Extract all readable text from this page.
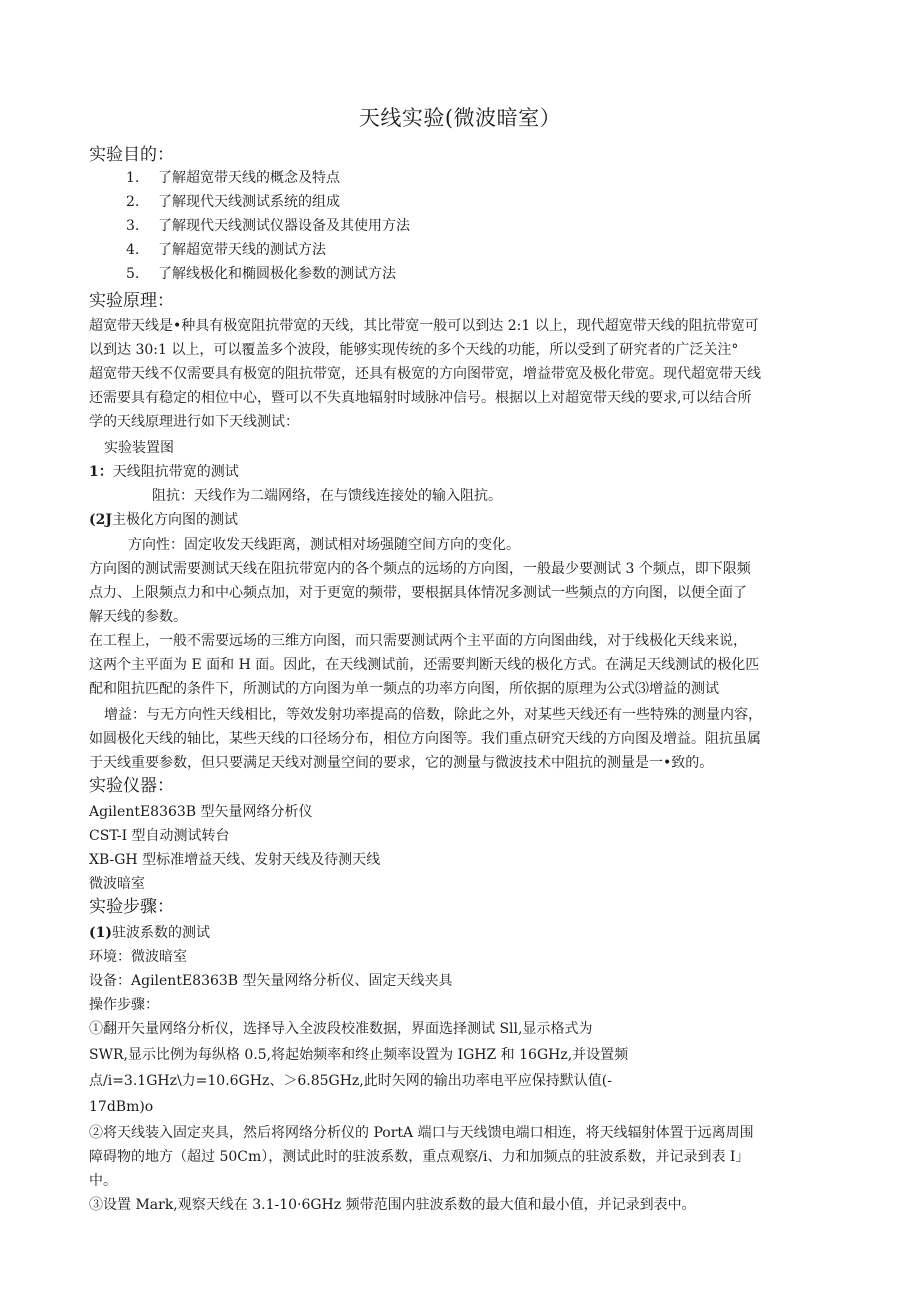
天线实验(微波暗室）
实验目的：
1. 了解超宽带天线的概念及特点
2. 了解现代天线测试系统的组成
3. 了解现代天线测试仪器设备及其使用方法
4. 了解超宽带天线的测试方法
5. 了解线极化和椭圆极化参数的测试方法
实验原理：
超宽带天线是•种具有极宽阻抗带宽的天线，其比带宽一般可以到达 2:1 以上，现代超宽带天线的阻抗带宽可
以到达 30:1 以上，可以覆盖多个波段，能够实现传统的多个天线的功能，所以受到了研究者的广泛关注°
超宽带天线不仅需要具有极宽的阻抗带宽，还具有极宽的方向图带宽，增益带宽及极化带宽。现代超宽带天线
还需要具有稳定的相位中心，暨可以不失真地辐射时域脉冲信号。根据以上对超宽带天线的要求,可以结合所
学的天线原理进行如下天线测试：
实验装置图
1：天线阻抗带宽的测试
阻抗：天线作为二端网络，在与馈线连接处的输入阻抗。
(2J主极化方向图的测试
方向性：固定收发天线距离，测试相对场强随空间方向的变化。
方向图的测试需要测试天线在阻抗带宽内的各个频点的远场的方向图，一般最少要测试 3 个频点，即下限频
点力、上限频点力和中心频点加，对于更宽的频带，要根据具体情况多测试一些频点的方向图，以便全面了
解天线的参数。
在工程上，一般不需要远场的三维方向图，而只需要测试两个主平面的方向图曲线，对于线极化天线来说，
这两个主平面为 E 面和 H 面。因此，在天线测试前，还需要判断天线的极化方式。在满足天线测试的极化匹
配和阻抗匹配的条件下，所测试的方向图为单一频点的功率方向图，所依据的原理为公式⑶增益的测试
增益：与无方向性天线相比，等效发射功率提高的倍数，除此之外，对某些天线还有一些特殊的测量内容，
如圆极化天线的轴比，某些天线的口径场分布，相位方向图等。我们重点研究天线的方向图及增益。阻抗虽属
于天线重要参数，但只要满足天线对测量空间的要求，它的测量与微波技术中阻抗的测量是一•致的。
实验仪器：
AgilentE8363B 型矢量网络分析仪
CST-I 型自动测试转台
XB-GH 型标准增益天线、发射天线及待测天线
微波暗室
实验步骤：
(1)驻波系数的测试
环境：微波暗室
设备：AgilentE8363B 型矢量网络分析仪、固定天线夹具
操作步骤：
①翻开矢量网络分析仪，选择导入全波段校准数据，界面选择测试 Sll,显示格式为
SWR,显示比例为每纵格 0.5,将起始频率和终止频率设置为 IGHZ 和 16GHz,并设置频
点/i=3.1GHz\力=10.6GHz、＞6.85GHz,此时矢网的输出功率电平应保持默认值(-
17dBm)o
②将天线装入固定夹具，然后将网络分析仪的 PortA 端口与天线馈电端口相连，将天线辐射体置于远离周围
障碍物的地方（超过 50Cm），测试此时的驻波系数，重点观察/i、力和加频点的驻波系数，并记录到表 I」
中。
③设置 Mark,观察天线在 3.1-10·6GHz 频带范围内驻波系数的最大值和最小值，并记录到表中。
